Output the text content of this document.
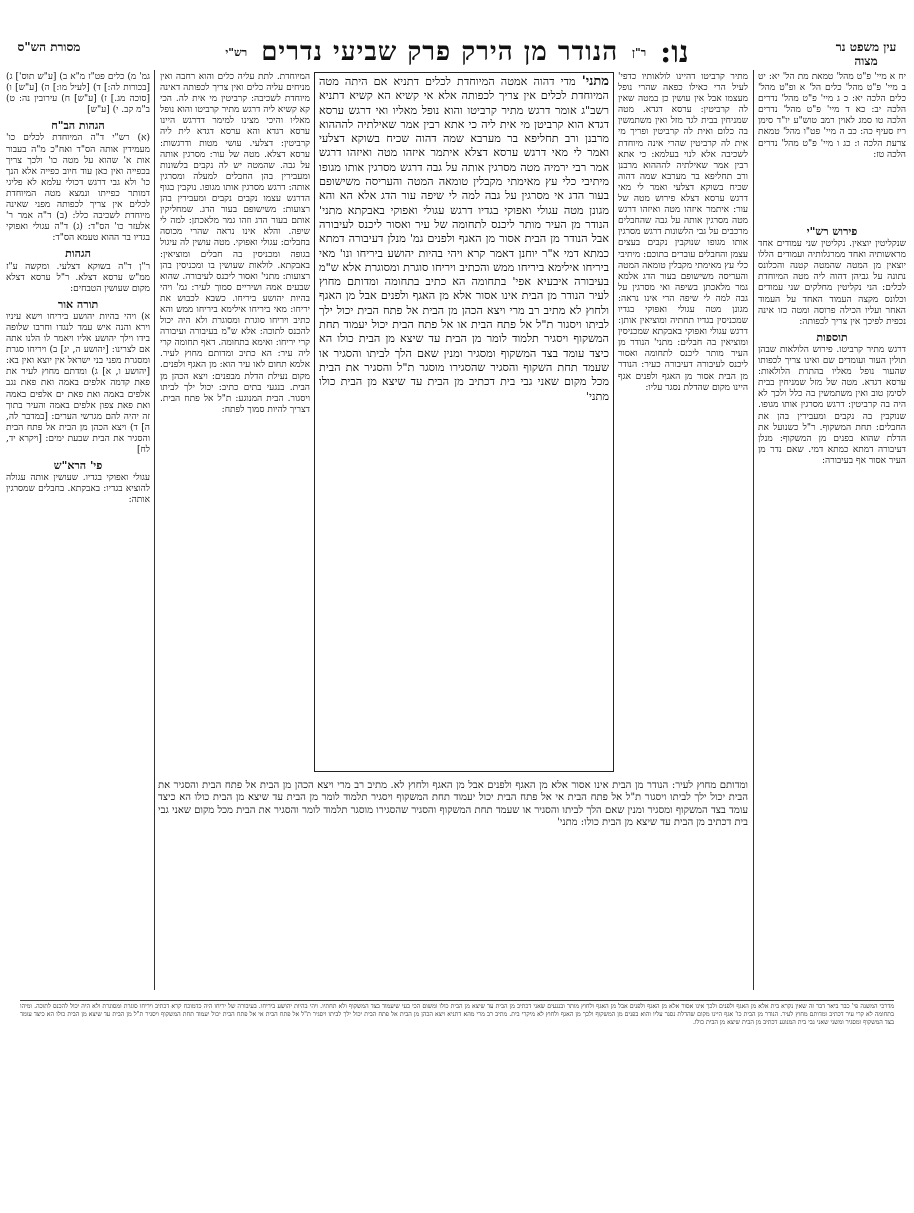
עין משפט נר מצוה
נו:
ר"ן
הנודר מן הירק פרק שביעי נדרים
רש"י
מסורת הש"ס

יח א מיי' פ"ט מהל' טמאת מת הל' יא: יט ב מיי' פ"ט מהל' כלים הל' א ופ"ט מהל' כלים הלכה יא: כ ג מיי' פ"ט מהל' נדרים הלכה יב: כא ד מיי' פ"ט מהל' נדרים הלכה טו סמג לאוין רמב טוש"ע יו"ד סימן ריז סעיף כה: כב ה מיי' פט"ו מהל' טמאת צרעת הלכה ו: כג ו מיי' פ"ט מהל' נדרים הלכה טז:

פירוש רש"י

שנקליטין יוצאין. נקליטין שני עמודים אחד מראשותיה ואחד ממרגלותיה ועמודים הללו יוצאין מן המטה שהמטה קטנה והכלונס נתונה על גביהן דהוה ליה מטה המיוחדת לכלים: הני נקליטין מחלקים שני עמודים וכלונס מקצה העמוד האחד על העמוד האחר ועליו הכילה פרוסה ומטה כזו אינה נכפית לפיכך אין צריך לכפותה:

תוספות

דרגש מתיר קרביטו. פירוש הלולאות שבהן תולין העור ועומדים שם ואינו צריך לכפותו שהעור נופל מאליו בהתרת הלולאות: ערסא דגדא. מטה של מזל שמניחין בבית לסימן טוב ואין משתמשין בה כלל ולכך לא היה בה קרביטין: דרגש מסרגין אותו מגופו. שנוקבין בה נקבים ומעבירין בהן את החבלים: תחת המשקוף. ר"ל כשנועל את הדלת שהוא בפנים מן המשקוף: מנלן דעיבורה דמתא כמתא דמי. שאם נדר מן העיר אסור אף בעיבורה:

מתיר קרביטו דהיינו לולאותיו כדפי' לעיל הרי כאילו כפאה שהרי נופל מעצמו אבל אין עושין כן במטה שאין לה קרביטין: ערסא דגדא. מטה שמניחין בבית לגד מזל ואין משתמשין בה כלום ואית לה קרביטין ופריך מי אית לה קרביטין שהרי אינה מיוחדת לשכיבה אלא לנוי בעלמא: כי אתא רבין אמר שאילתיה להההוא מרבנן ורב תחליפא בר מערבא שמה דהוה שכיח בשוקא דצלעי ואמר לי מאי דרגש ערסא דצלא פירוש מטה של עור: איתמר איזהו מטה ואיזהו דרגש מטה מסרגין אותה על גבה שהחבלים מרכבים על גבי הלשונות דרגש מסרגין אותו מגופו שנוקבין נקבים בעצים עצמן והחבלים עוברים בתוכם: מיתיבי כלי עץ מאימתי מקבלין טומאה המטה והעריסה משישופם בעור הדג אלמא גמר מלאכתן בשיפה ואי מסרגין על גבה למה לי שיפה הרי אינו נראה: מגונן מטה עגולי ואפוקי בגדיו שמכניסין בגדיו תחתיה ומוציאין אותן: דרגש עגולי ואפוקי באבקתא שמכניסין ומוציאין בה חבלים: מתני' הנודר מן העיר מותר ליכנס לתחומה ואסור ליכנס לעיבורה דעיבורה כעיר: הנודר מן הבית אסור מן האגף ולפנים אגף היינו מקום שהדלת נסגר עליו:

מתני' מדי דהוה אמטה המיוחדת לכלים דתניא אם היתה מטה המיוחדת לכלים אין צריך לכפותה אלא אי קשיא הא קשיא דתניא רשב"ג אומר דרגש מתיר קרביטו והוא נופל מאליו ואי דרגש ערסא דגדא הוא קרביטן מי אית ליה כי אתא רבין אמר שאילתיה להההוא מרבנן ורב תחליפא בר מערבא שמה דהוה שכיח בשוקא דצלעי ואמר לי מאי דרגש ערסא דצלא איתמר איזהו מטה ואיזהו דרגש אמר רבי ירמיה מטה מסרגין אותה על גבה דרגש מסרגין אותו מגופו מיתיבי כלי עץ מאימתי מקבלין טומאה המטה והעריסה משישופם בעור הדג אי מסרגין על גבה למה לי שיפה עור הדג אלא הא והא מגונן מטה עגולי ואפוקי בגדיו דרגש עגולי ואפוקי באבקתא מתני' הנודר מן העיר מותר ליכנס לתחומה של עיר ואסור ליכנס לעיבורה אבל הנודר מן הבית אסור מן האגף ולפנים גמ' מנלן דעיבורה דמתא כמתא דמי א"ר יוחנן דאמר קרא ויהי בהיות יהושע ביריחו ונו' מאי ביריחו אילימא ביריחו ממש והכתיב ויריחו סוגרת ומסוגרת אלא ש"מ בעיבורה איבעיא אפי' בתחומה הא כתיב בתחומה ומדותם מחוץ לעיר הנודר מן הבית אינו אסור אלא מן האגף ולפנים אבל מן האגף ולחוץ לא מתיב רב מרי ויצא הכהן מן הבית אל פתח הבית יכול ילך לביתו ויסגור ת"ל אל פתח הבית או אל פתח הבית יכול יעמוד תחת המשקוף ויסגיר תלמוד לומר מן הבית עד שיצא מן הבית כולו הא כיצד עומד בצד המשקוף ומסגיר ומנין שאם הלך לביתו והסגיר או שעמד תחת השקוף והסגיר שהסגירו מוסגר ת"ל והסגיר את הבית מכל מקום שאני גבי בית דכתיב מן הבית עד שיצא מן הבית כולו מתני'

המיוחדת. לתת עליה כלים והוא רחבה ואין מניחים עליה כלים ואין צריך לכפותה דאינה מיוחדת לשכיבה: קרביטין מי אית לה. הכי קא קשיא ליה דרגש מתיר קרביטו והוא נופל מאליו והיכי מצינו למימר דדרגש היינו ערסא דגדא והא ערסא דגדא לית ליה קרביטין: דצלעי. עושי מטות ודרגשות: ערסא דצלא. מטה של עור: מסרגין אותה על גבה. שהמטה יש לה נקבים בלשונות ומעבירין בהן החבלים למעלה ומסרגין אותה: דרגש מסרגין אותו מגופו. נוקבין בגוף הדרגש עצמו נקבים נקבים ומעבירין בהן רצועות: משישופם בעור הדג. שמחליקין אותם בעור הדג וזהו גמר מלאכתן: למה לי שיפה. והלא אינו נראה שהרי מכוסה בחבלים: עגולי ואפוקי. מטה עושין לה עיגול בגופה ומכניסין בה חבלים ומוציאין: באבקתא. לולאות שעושין בו ומכניסין בהן רצועות: מתני' ואסור ליכנס לעיבורה. שהוא שבעים אמה ושיריים סמוך לעיר: גמ' ויהי בהיות יהושע ביריחו. כשבא לכבוש את יריחו: מאי ביריחו אילימא ביריחו ממש והא כתיב ויריחו סוגרת ומסוגרת ולא היה יכול להכנס לתוכה: אלא ש"מ בעיבורה ועיבורה קרי יריחו: ואימא בתחומה. דאף תחומה קרי ליה עיר: הא כתיב ומדותם מחוץ לעיר. אלמא תחום לאו עיר הוא: מן האגף ולפנים. מקום נעילת הדלת מבפנים: ויצא הכהן מן הבית. בנגעי בתים כתיב: יכול ילך לביתו ויסגור. הבית המנוגע: ת"ל אל פתח הבית. דצריך להיות סמוך לפתח:

גמ' מ) כלים פט"ז מ"א ב) [ע"ש תוס'] ג) [בכורות לה:] ד) [לעיל מו:] ה) [ע"ש] ו) [סוכה מג.] ז) [ע"ש] ח) עירובין נה: ט) ב"מ קב. י) [ע"ש]

הגהות הב"ח

(א) רש"י ד"ה המיוחדת לכלים כו' מעמידין אותה הס"ד ואח"כ מ"ה בעבור אות א' שהוא על מטה כו' ולכך צריך בכפייה ואין כאן עוד חיוב כפייה אלא הנך כו' ולא גבי דרגש דכולי עלמא לא פליגי דמותר כפייתו ונמצא מטה המיוחדת לכלים אין צריך לכפותה מפני שאינה מיוחדת לשכיבה כלל: (ב) ד"ה אמר ר' אלעזר כו' הס"ד: (ג) ד"ה עגולי ואפוקי בגדיו בר ההוא טעמא הס"ד:

הגהות

ר"ן ד"ה בשוקא דצלעי. ומקשה ע"ז ממ"ש ערסא דצלא. ר"ל ערסא דצלא מקום שעושין הטבחים:

תורה אור

א) ויהי בהיות יהושע ביריחו וישא עיניו וירא והנה איש עמד לנגדו וחרבו שלופה בידו וילך יהושע אליו ויאמר לו הלנו אתה אם לצרינו: [יהושע ה, יג] ב) ויריחו סגרת ומסגרת מפני בני ישראל אין יוצא ואין בא: [יהושע ו, א] ג) ומדתם מחוץ לעיר את פאת קדמה אלפים באמה ואת פאת נגב אלפים באמה ואת פאת ים אלפים באמה ואת פאת צפון אלפים באמה והעיר בתוך זה יהיה להם מגרשי הערים: [במדבר לה, ה] ד) ויצא הכהן מן הבית אל פתח הבית והסגיר את הבית שבעת ימים: [ויקרא יד, לח]

פי' הרא"ש

עגולי ואפוקי בגדיו. שעושין אותה עגולה להוציא בגדיו: באבקתא. בחבלים שמסרגין אותה:

ומדותם מחוץ לעיר: הנודר מן הבית אינו אסור אלא מן האגף ולפנים אבל מן האגף ולחוץ לא. מתיב רב מרי ויצא הכהן מן הבית אל פתח הבית והסגיר את הבית יכול ילך לביתו ויסגור ת"ל אל פתח הבית אי אל פתח הבית יכול יעמוד תחת המשקוף ויסגיר תלמוד לומר מן הבית עד שיצא מן הבית כולו הא כיצד עומד בצד המשקוף ומסגיר ומנין שאם הלך לביתו והסגיר או שעמד תחת המשקוף והסגיר שהסגירו מוסגר תלמוד לומר והסגיר את הבית מכל מקום שאני גבי בית דכתיב מן הבית עד שיצא מן הבית כולו: מתני'

מדרכי המשנה פי' כבר ביאר דבר זה שאין נקרא בית אלא מן האגף ולפנים ולכך אינו אסור אלא מן האגף ולפנים אבל מן האגף ולחוץ מותר ובנגעים שאני דכתיב מן הבית עד שיצא מן הבית כולו ומשום הכי בעי שיעמוד בצד המשקוף ולא תחתיו. ויהי בהיות יהושע ביריחו. בעיבורה של יריחו היה כדמוכח קרא דכתיב ויריחו סוגרת ומסוגרת ולא היה יכול להכנס לתוכה. ומיהו בתחומה לא קרי עיר דכתיב ומדותם מחוץ לעיר. הנודר מן הבית כו' אגף היינו מקום שהדלת נסגר עליו והוא בפנים מן המשקוף ולכך מן האגף ולחוץ לא מיקרי בית. מתיב רב מרי מהא דתניא ויצא הכהן מן הבית אל פתח הבית יכול ילך לביתו ויסגיר ת"ל אל פתח הבית אי אל פתח הבית יכול יעמוד תחת המשקוף ויסגיר ת"ל מן הבית עד שיצא מן הבית כולו הא כיצד עומד בצד המשקוף ומסגיר ומשני שאני גבי בית המנוגע דכתיב מן הבית שיצא מן הבית כולו.
